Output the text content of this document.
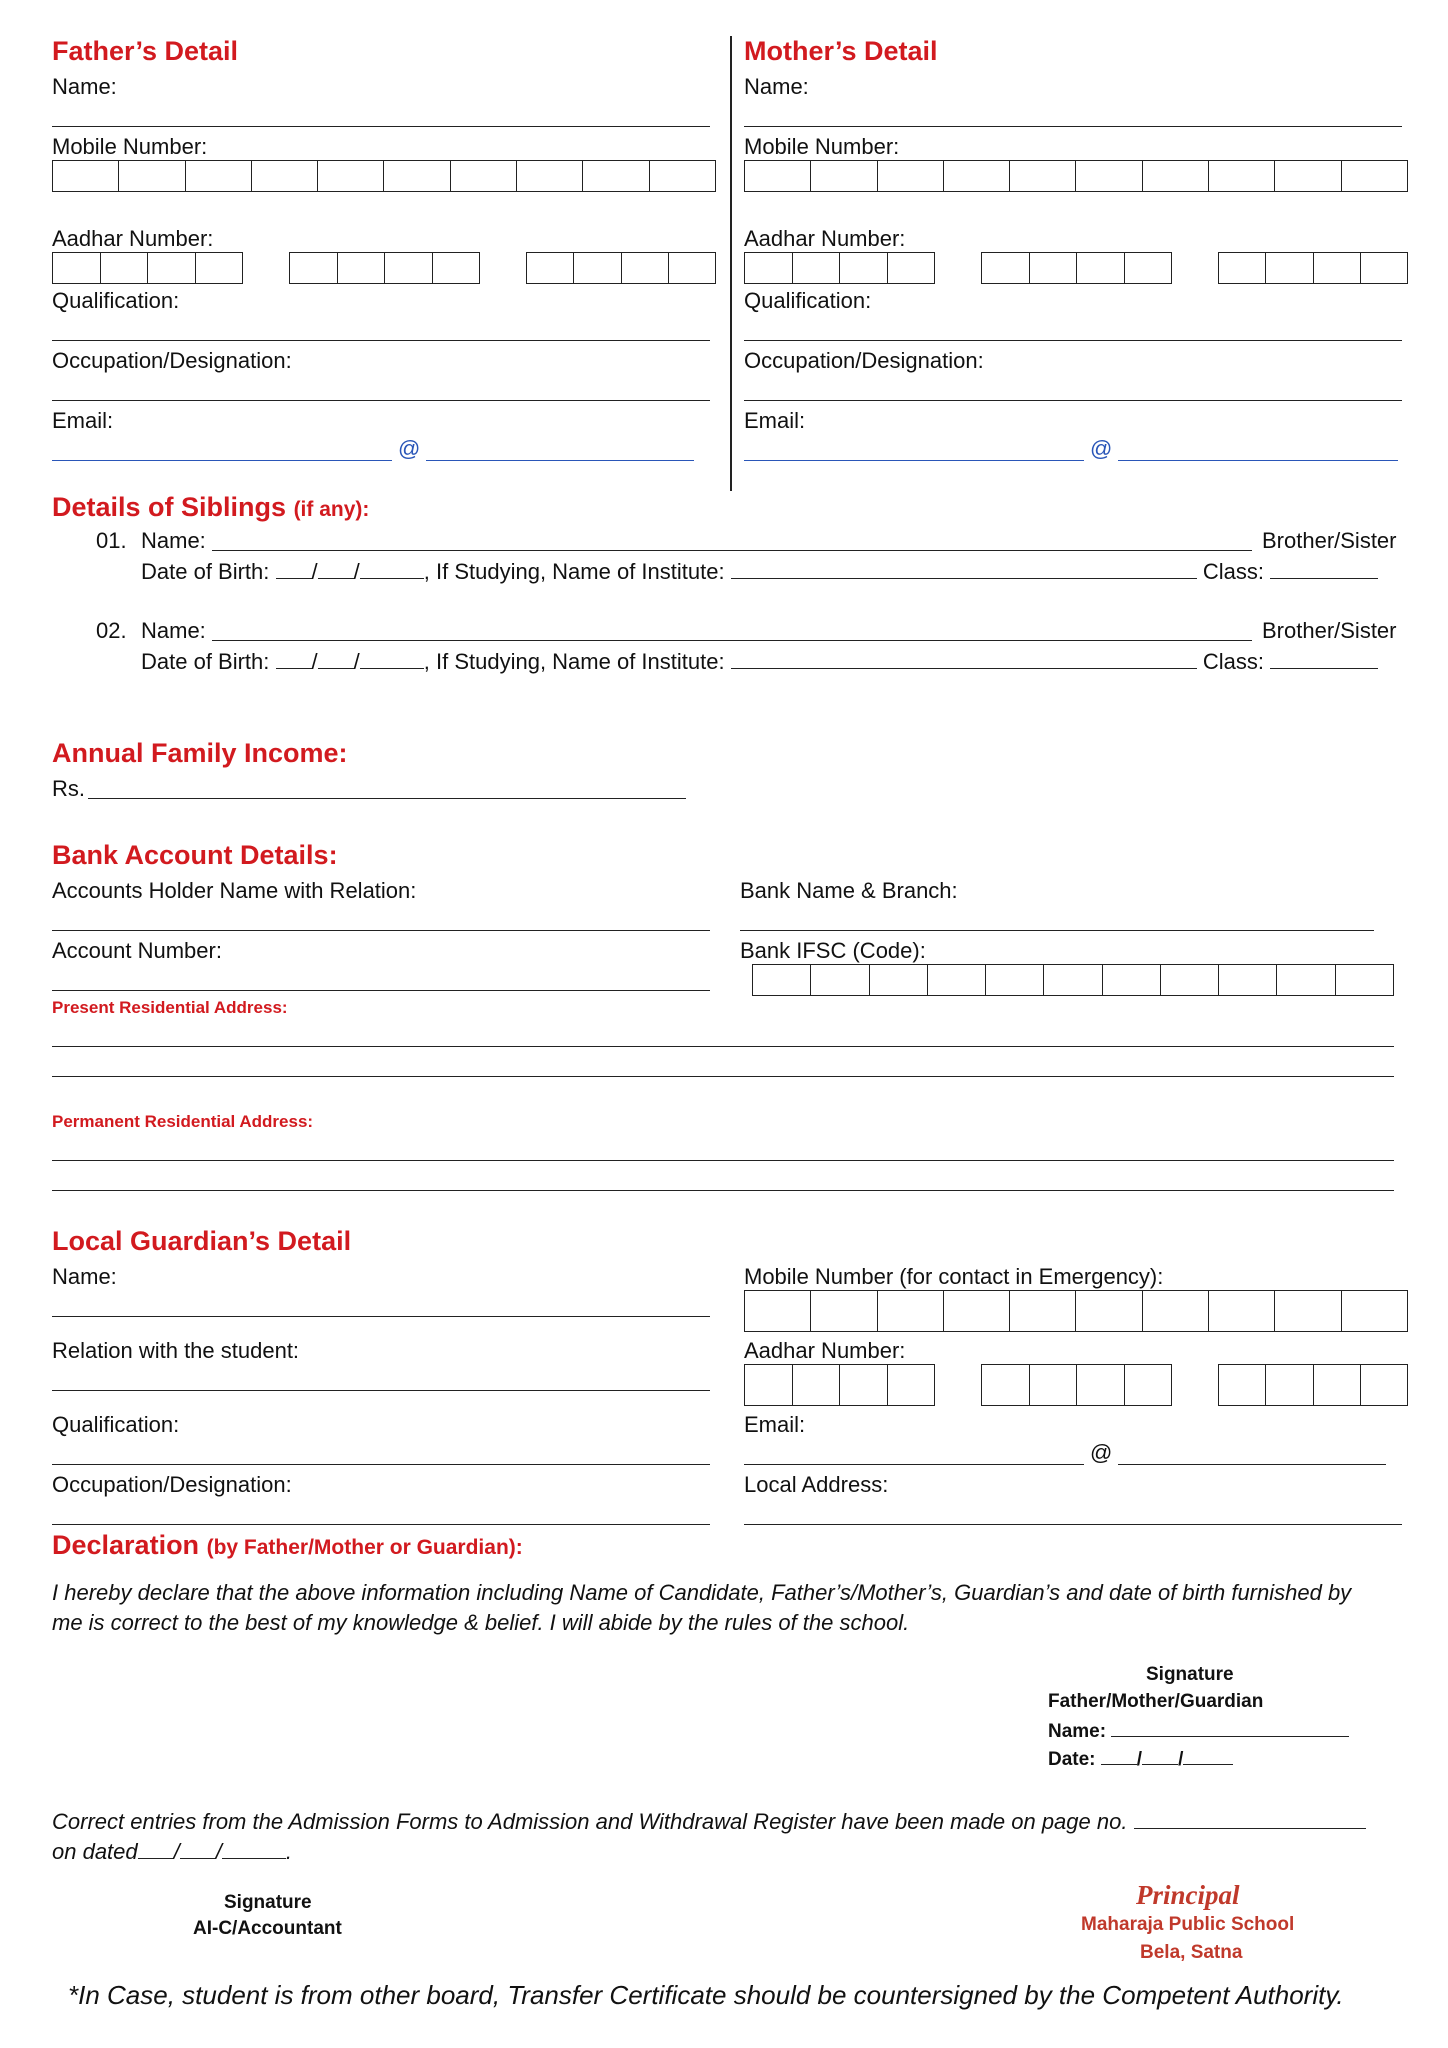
Father’s Detail
Name:
Mobile Number:
Aadhar Number:
Qualification:
Occupation/Designation:
Email:
@
Mother’s Detail
Name:
Mobile Number:
Aadhar Number:
Qualification:
Occupation/Designation:
Email:
@
Details of Siblings (if any):
01. Name:	Brother/Sister
Date of Birth: / /	, If Studying, Name of Institute:	Class:
02. Name:	Brother/Sister
Date of Birth: / /	, If Studying, Name of Institute:	Class:
Annual Family Income:
Rs.
Bank Account Details:
Accounts Holder Name with Relation:	Bank Name & Branch:
Account Number:	Bank IFSC (Code):
Present Residential Address:
Permanent Residential Address:
Local Guardian’s Detail
Name:	Mobile Number (for contact in Emergency):
Relation with the student:	Aadhar Number:
Qualification:	Email:
@
Occupation/Designation:	Local Address:
Declaration (by Father/Mother or Guardian):
I hereby declare that the above information including Name of Candidate, Father’s/Mother’s, Guardian’s and date of birth furnished by
me is correct to the best of my knowledge & belief. I will abide by the rules of the school.
Signature
Father/Mother/Guardian
Name:
Date: / /
Correct entries from the Admission Forms to Admission and Withdrawal Register have been made on page no.
on dated / /	.
Signature
AI-C/Accountant
Principal
Maharaja Public School
Bela, Satna
*In Case, student is from other board, Transfer Certificate should be countersigned by the Competent Authority.
